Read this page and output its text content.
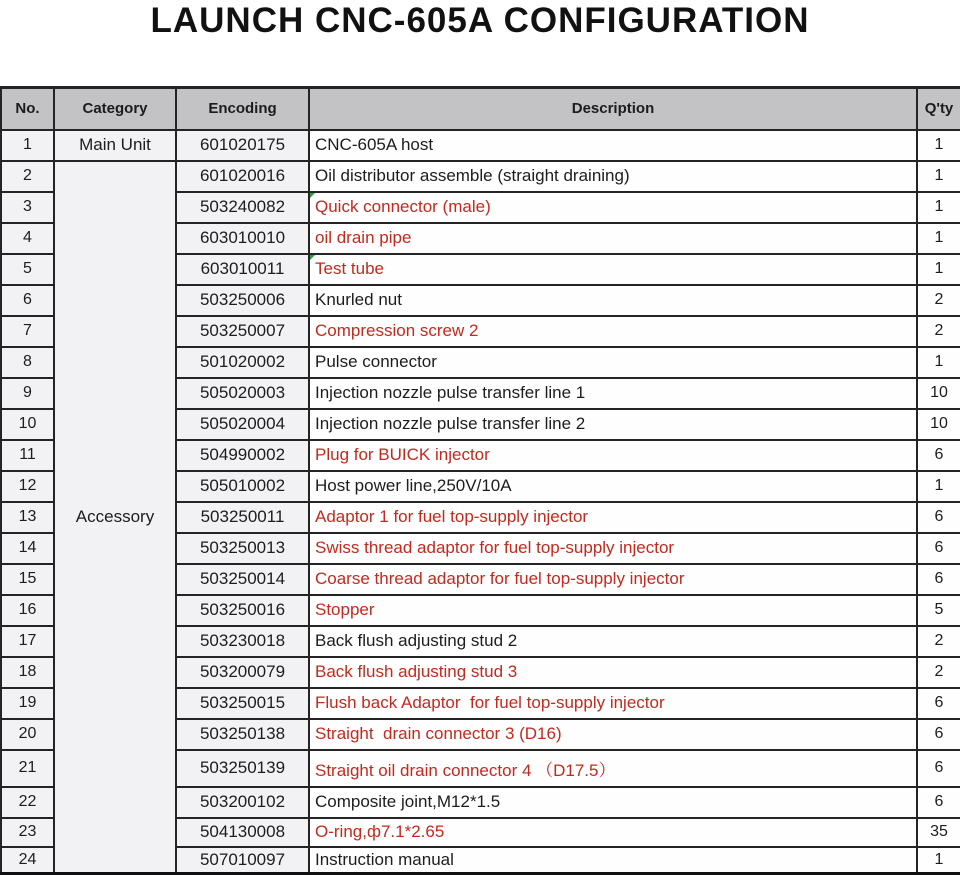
LAUNCH CNC-605A CONFIGURATION
No.	Category	Encoding	Description	Q'ty
1	Main Unit	601020175	CNC-605A host	1
2	Accessory	601020016	Oil distributor assemble (straight draining)	1
3		503240082	Quick connector (male)	1
4		603010010	oil drain pipe	1
5		603010011	Test tube	1
6		503250006	Knurled nut	2
7		503250007	Compression screw 2	2
8		501020002	Pulse connector	1
9		505020003	Injection nozzle pulse transfer line 1	10
10		505020004	Injection nozzle pulse transfer line 2	10
11		504990002	Plug for BUICK injector	6
12		505010002	Host power line,250V/10A	1
13		503250011	Adaptor 1 for fuel top-supply injector	6
14		503250013	Swiss thread adaptor for fuel top-supply injector	6
15		503250014	Coarse thread adaptor for fuel top-supply injector	6
16		503250016	Stopper	5
17		503230018	Back flush adjusting stud 2	2
18		503200079	Back flush adjusting stud 3	2
19		503250015	Flush back Adaptor  for fuel top-supply injector	6
20		503250138	Straight  drain connector 3 (D16)	6
21		503250139	Straight oil drain connector 4 （D17.5）	6
22		503200102	Composite joint,M12*1.5	6
23		504130008	O-ring,ф7.1*2.65	35
24		507010097	Instruction manual	1
